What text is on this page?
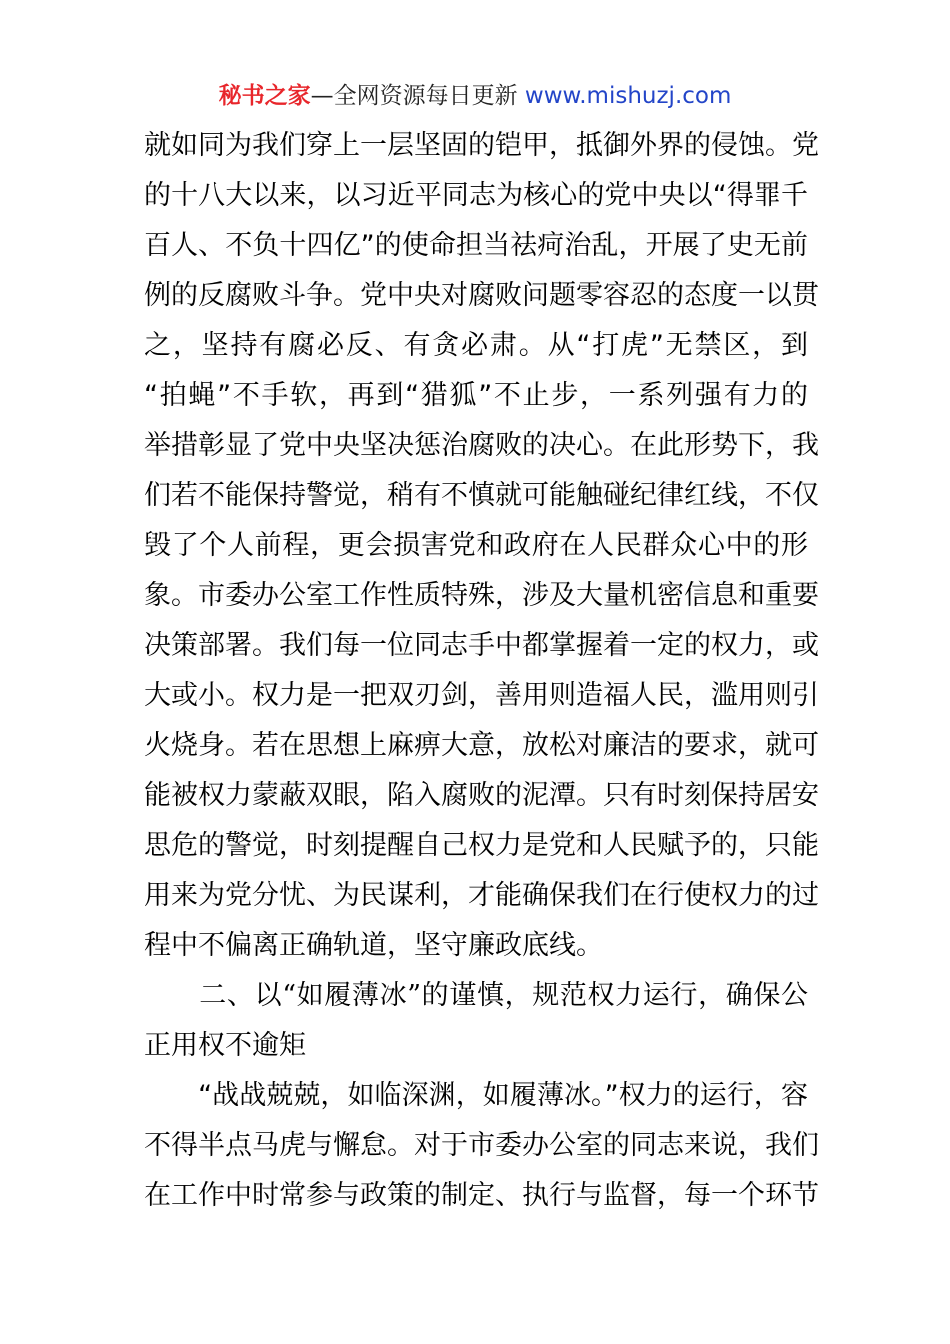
秘书之家—全网资源每日更新 www.mishuzj.com
就如同为我们穿上一层坚固的铠甲，抵御外界的侵蚀。党
的十八大以来，以习近平同志为核心的党中央以“得罪千
百人、不负十四亿”的使命担当祛疴治乱，开展了史无前
例的反腐败斗争。党中央对腐败问题零容忍的态度一以贯
之，坚持有腐必反、有贪必肃。从“打虎”无禁区，到
“拍蝇”不手软，再到“猎狐”不止步，一系列强有力的
举措彰显了党中央坚决惩治腐败的决心。在此形势下，我
们若不能保持警觉，稍有不慎就可能触碰纪律红线，不仅
毁了个人前程，更会损害党和政府在人民群众心中的形
象。市委办公室工作性质特殊，涉及大量机密信息和重要
决策部署。我们每一位同志手中都掌握着一定的权力，或
大或小。权力是一把双刃剑，善用则造福人民，滥用则引
火烧身。若在思想上麻痹大意，放松对廉洁的要求，就可
能被权力蒙蔽双眼，陷入腐败的泥潭。只有时刻保持居安
思危的警觉，时刻提醒自己权力是党和人民赋予的，只能
用来为党分忧、为民谋利，才能确保我们在行使权力的过
程中不偏离正确轨道，坚守廉政底线。
　　二、以“如履薄冰”的谨慎，规范权力运行，确保公
正用权不逾矩
　　“战战兢兢，如临深渊，如履薄冰。”权力的运行，容
不得半点马虎与懈怠。对于市委办公室的同志来说，我们
在工作中时常参与政策的制定、执行与监督，每一个环节
